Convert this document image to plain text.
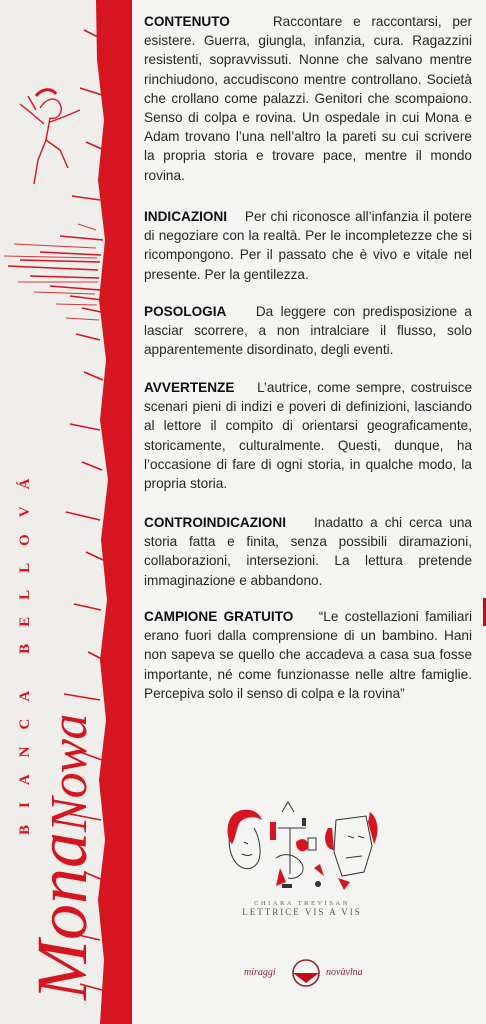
BIANCA BELLOVÁ
MonaNowa
CONTENUTO	Raccontare e raccontarsi, per esistere. Guerra, giungla, infanzia, cura. Ragazzini resistenti, sopravvissuti. Nonne che salvano mentre rinchiudono, accudiscono mentre controllano. Società che crollano come palazzi. Genitori che scompaiono. Senso di colpa e rovina. Un ospedale in cui Mona e Adam trovano l’una nell’altro la pareti su cui scrivere la propria storia e trovare pace, mentre il mondo rovina.
INDICAZIONI Per chi riconosce all’infanzia il potere di negoziare con la realtà. Per le incompletezze che si ricompongono. Per il passato che è vivo e vitale nel presente. Per la gentilezza.
POSOLOGIA Da leggere con predisposizione a lasciar scorrere, a non intralciare il flusso, solo apparentemente disordinato, degli eventi.
AVVERTENZE L’autrice, come sempre, costruisce scenari pieni di indizi e poveri di definizioni, lasciando al lettore il compito di orientarsi geograficamente, storicamente, culturalmente. Questi, dunque, ha l’occasione di fare di ogni storia, in qualche modo, la propria storia.
CONTROINDICAZIONI Inadatto a chi cerca una storia fatta e finita, senza possibili diramazioni, collaborazioni, intersezioni. La lettura pretende immaginazione e abbandono.
CAMPIONE GRATUITO “Le costellazioni familiari erano fuori dalla comprensione di un bambino. Hani non sapeva se quello che accadeva a casa sua fosse importante, né come funzionasse nelle altre famiglie. Percepiva solo il senso di colpa e la rovina”
CHIARA TREVISAN
LETTRICE VIS A VIS
miraggi	novàvlna
